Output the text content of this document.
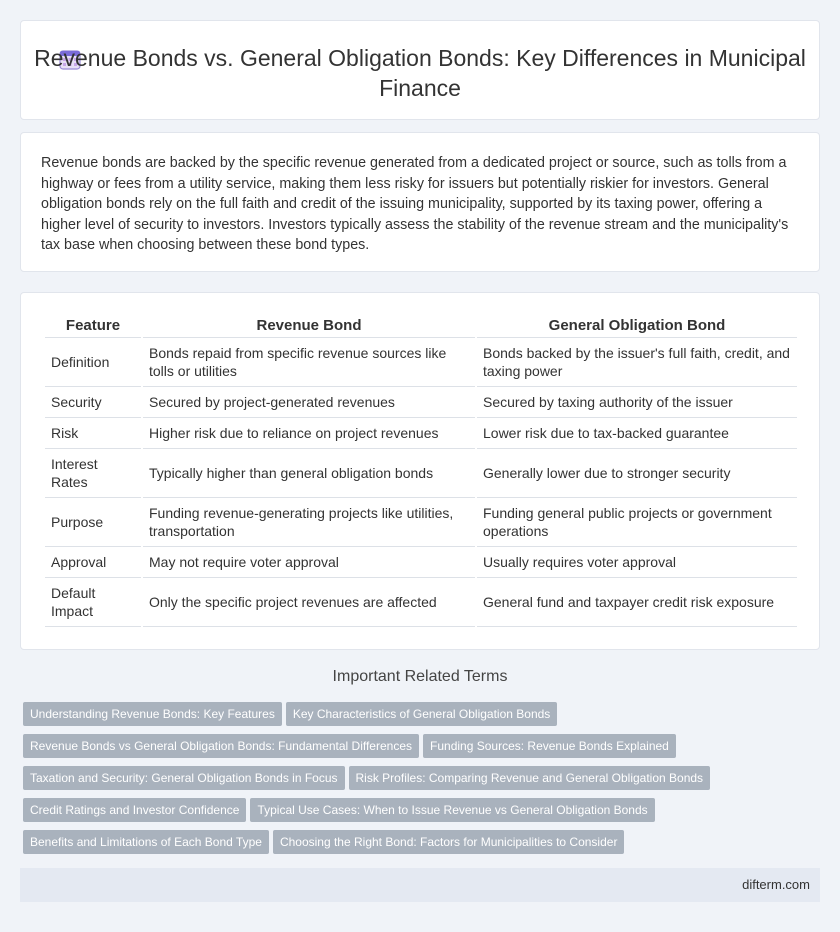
Revenue Bonds vs. General Obligation Bonds: Key Differences in Municipal Finance

Revenue bonds are backed by the specific revenue generated from a dedicated project or source, such as tolls from a highway or fees from a utility service, making them less risky for issuers but potentially riskier for investors. General obligation bonds rely on the full faith and credit of the issuing municipality, supported by its taxing power, offering a higher level of security to investors. Investors typically assess the stability of the revenue stream and the municipality's tax base when choosing between these bond types.

Feature	Revenue Bond	General Obligation Bond
Definition	Bonds repaid from specific revenue sources like tolls or utilities	Bonds backed by the issuer's full faith, credit, and taxing power
Security	Secured by project-generated revenues	Secured by taxing authority of the issuer
Risk	Higher risk due to reliance on project revenues	Lower risk due to tax-backed guarantee
Interest Rates	Typically higher than general obligation bonds	Generally lower due to stronger security
Purpose	Funding revenue-generating projects like utilities, transportation	Funding general public projects or government operations
Approval	May not require voter approval	Usually requires voter approval
Default Impact	Only the specific project revenues are affected	General fund and taxpayer credit risk exposure
Important Related Terms
Understanding Revenue Bonds: Key Features Key Characteristics of General Obligation Bonds
Revenue Bonds vs General Obligation Bonds: Fundamental Differences Funding Sources: Revenue Bonds Explained
Taxation and Security: General Obligation Bonds in Focus Risk Profiles: Comparing Revenue and General Obligation Bonds
Credit Ratings and Investor Confidence Typical Use Cases: When to Issue Revenue vs General Obligation Bonds
Benefits and Limitations of Each Bond Type Choosing the Right Bond: Factors for Municipalities to Consider
difterm.com
